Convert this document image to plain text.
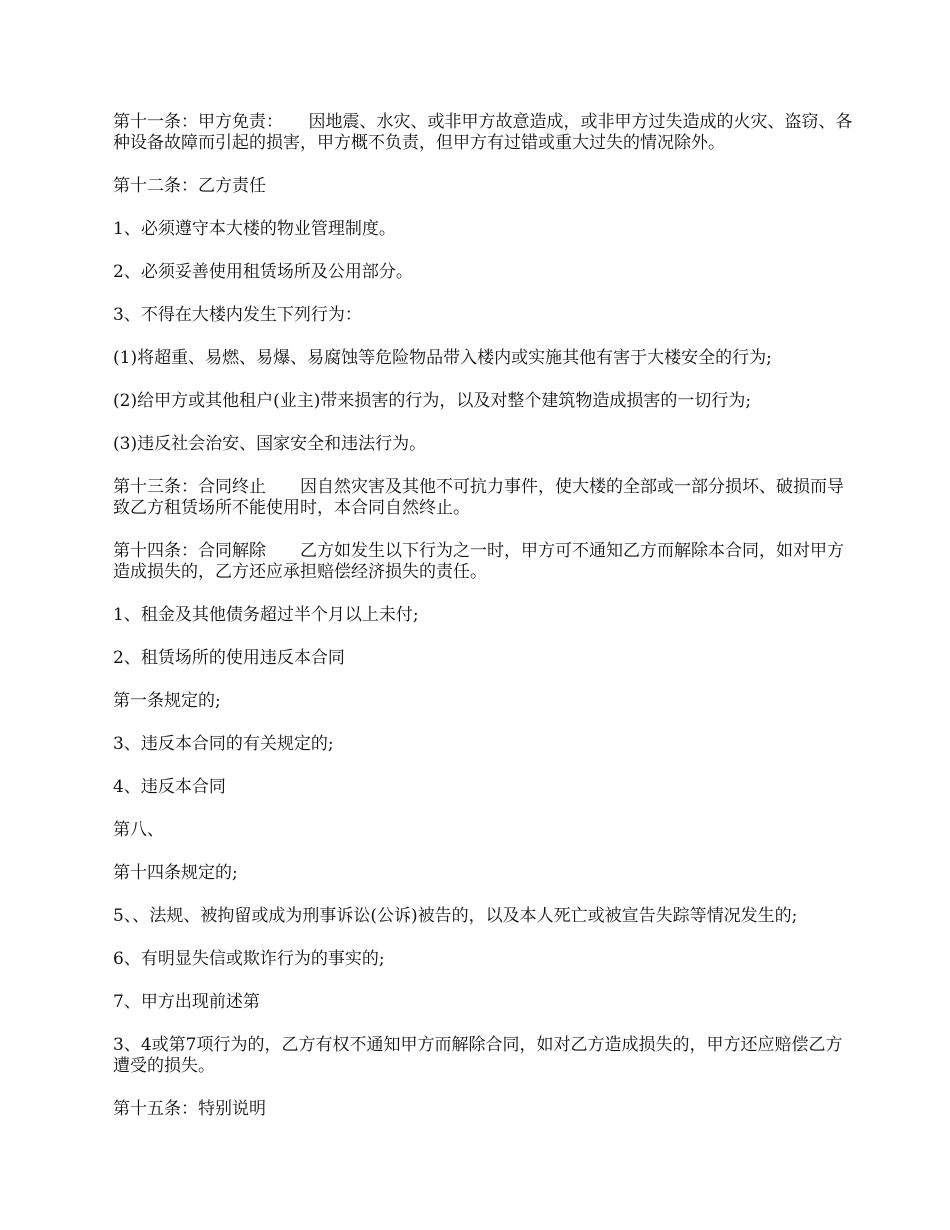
第十一条：甲方免责：　　因地震、水灾、或非甲方故意造成，或非甲方过失造成的火灾、盗窃、各种设备故障而引起的损害，甲方概不负责，但甲方有过错或重大过失的情况除外。

第十二条：乙方责任

1、必须遵守本大楼的物业管理制度。

2、必须妥善使用租赁场所及公用部分。

3、不得在大楼内发生下列行为：

(1)将超重、易燃、易爆、易腐蚀等危险物品带入楼内或实施其他有害于大楼安全的行为;

(2)给甲方或其他租户(业主)带来损害的行为，以及对整个建筑物造成损害的一切行为;

(3)违反社会治安、国家安全和违法行为。

第十三条：合同终止　　因自然灾害及其他不可抗力事件，使大楼的全部或一部分损坏、破损而导致乙方租赁场所不能使用时，本合同自然终止。

第十四条：合同解除　　乙方如发生以下行为之一时，甲方可不通知乙方而解除本合同，如对甲方造成损失的，乙方还应承担赔偿经济损失的责任。

1、租金及其他债务超过半个月以上未付;

2、租赁场所的使用违反本合同

第一条规定的;

3、违反本合同的有关规定的;

4、违反本合同

第八、

第十四条规定的;

5、、法规、被拘留或成为刑事诉讼(公诉)被告的，以及本人死亡或被宣告失踪等情况发生的;

6、有明显失信或欺诈行为的事实的;

7、甲方出现前述第

3、4或第7项行为的，乙方有权不通知甲方而解除合同，如对乙方造成损失的，甲方还应赔偿乙方遭受的损失。

第十五条：特别说明
